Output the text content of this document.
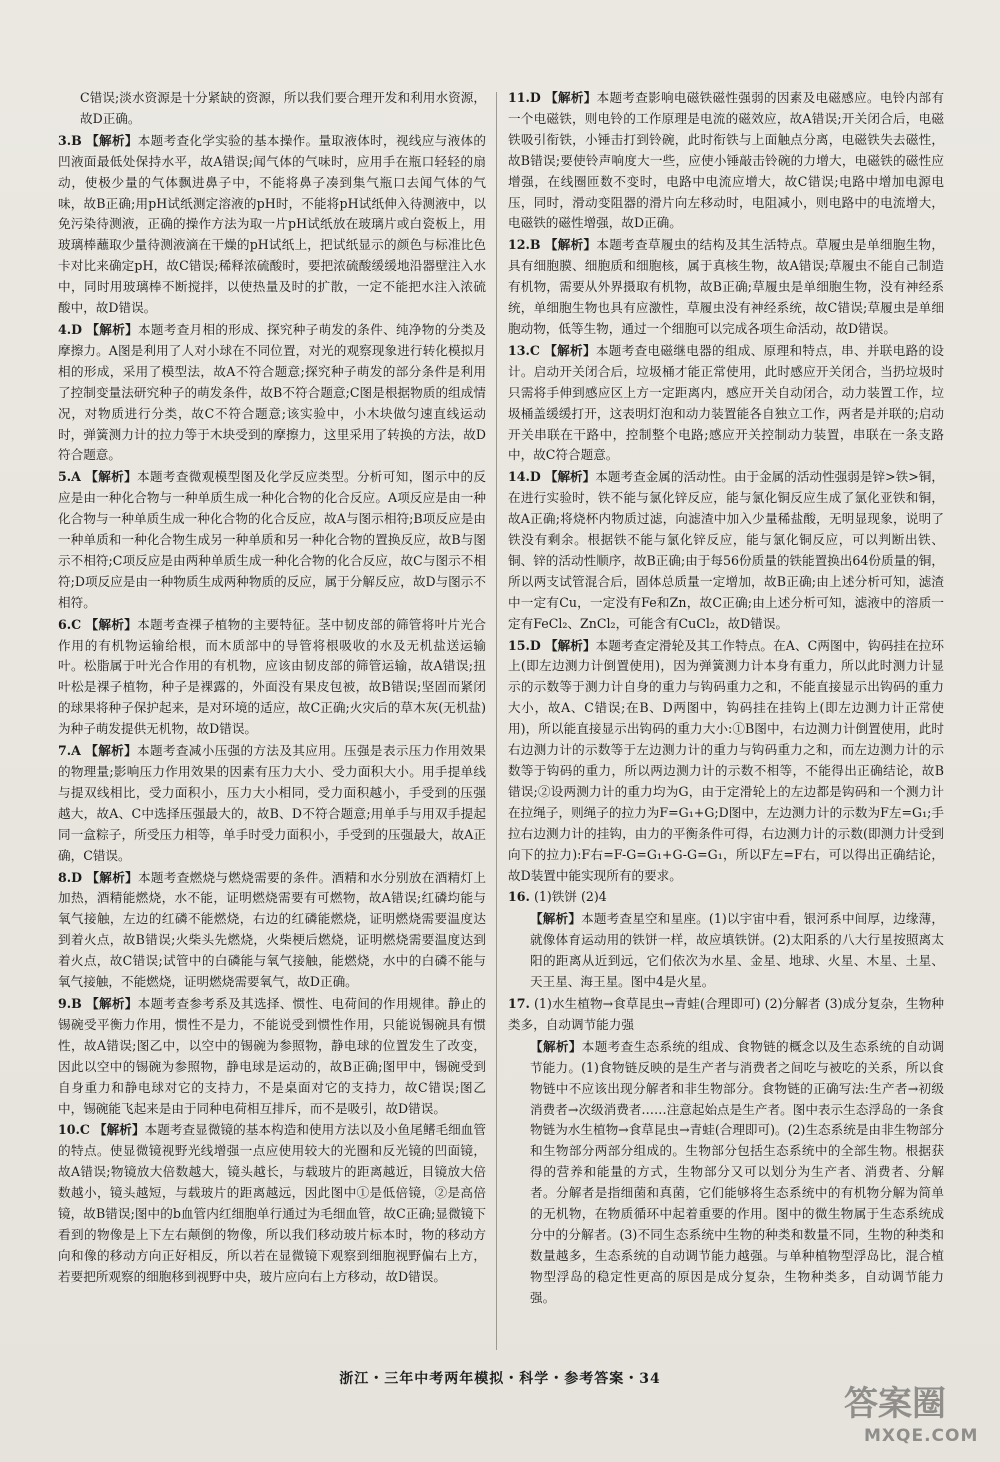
C错误;淡水资源是十分紧缺的资源，所以我们要合理开发和利用水资源，故D正确。
3.B 【解析】本题考查化学实验的基本操作。量取液体时，视线应与液体的凹液面最低处保持水平，故A错误;闻气体的气味时，应用手在瓶口轻轻的扇动，使极少量的气体飘进鼻子中，不能将鼻子凑到集气瓶口去闻气体的气味，故B正确;用pH试纸测定溶液的pH时，不能将pH试纸伸入待测液中，以免污染待测液，正确的操作方法为取一片pH试纸放在玻璃片或白瓷板上，用玻璃棒蘸取少量待测液滴在干燥的pH试纸上，把试纸显示的颜色与标准比色卡对比来确定pH，故C错误;稀释浓硫酸时，要把浓硫酸缓缓地沿器壁注入水中，同时用玻璃棒不断搅拌，以使热量及时的扩散，一定不能把水注入浓硫酸中，故D错误。
4.D 【解析】本题考查月相的形成、探究种子萌发的条件、纯净物的分类及摩擦力。A图是利用了人对小球在不同位置，对光的观察现象进行转化模拟月相的形成，采用了模型法，故A不符合题意;探究种子萌发的部分条件是利用了控制变量法研究种子的萌发条件，故B不符合题意;C图是根据物质的组成情况，对物质进行分类，故C不符合题意;该实验中，小木块做匀速直线运动时，弹簧测力计的拉力等于木块受到的摩擦力，这里采用了转换的方法，故D符合题意。
5.A 【解析】本题考查微观模型图及化学反应类型。分析可知，图示中的反应是由一种化合物与一种单质生成一种化合物的化合反应。A项反应是由一种化合物与一种单质生成一种化合物的化合反应，故A与图示相符;B项反应是由一种单质和一种化合物生成另一种单质和另一种化合物的置换反应，故B与图示不相符;C项反应是由两种单质生成一种化合物的化合反应，故C与图示不相符;D项反应是由一种物质生成两种物质的反应，属于分解反应，故D与图示不相符。
6.C 【解析】本题考查裸子植物的主要特征。茎中韧皮部的筛管将叶片光合作用的有机物运输给根，而木质部中的导管将根吸收的水及无机盐送运输叶。松脂属于叶光合作用的有机物，应该由韧皮部的筛管运输，故A错误;扭叶松是裸子植物，种子是裸露的，外面没有果皮包被，故B错误;坚固而紧闭的球果将种子保护起来，是对环境的适应，故C正确;火灾后的草木灰(无机盐)为种子萌发提供无机物，故D错误。
7.A 【解析】本题考查减小压强的方法及其应用。压强是表示压力作用效果的物理量;影响压力作用效果的因素有压力大小、受力面积大小。用手提单线与提双线相比，受力面积小，压力大小相同，受力面积越小，手受到的压强越大，故A、C中选择压强最大的，故B、D不符合题意;用单手与用双手提起同一盒粽子，所受压力相等，单手时受力面积小，手受到的压强最大，故A正确，C错误。
8.D 【解析】本题考查燃烧与燃烧需要的条件。酒精和水分别放在酒精灯上加热，酒精能燃烧，水不能，证明燃烧需要有可燃物，故A错误;红磷均能与氧气接触，左边的红磷不能燃烧，右边的红磷能燃烧，证明燃烧需要温度达到着火点，故B错误;火柴头先燃烧，火柴梗后燃烧，证明燃烧需要温度达到着火点，故C错误;试管中的白磷能与氧气接触，能燃烧，水中的白磷不能与氧气接触，不能燃烧，证明燃烧需要氧气，故D正确。
9.B 【解析】本题考查参考系及其选择、惯性、电荷间的作用规律。静止的锡碗受平衡力作用，惯性不是力，不能说受到惯性作用，只能说锡碗具有惯性，故A错误;图乙中，以空中的锡碗为参照物，静电球的位置发生了改变，因此以空中的锡碗为参照物，静电球是运动的，故B正确;图甲中，锡碗受到自身重力和静电球对它的支持力，不是桌面对它的支持力，故C错误;图乙中，锡碗能飞起来是由于同种电荷相互排斥，而不是吸引，故D错误。
10.C 【解析】本题考查显微镜的基本构造和使用方法以及小鱼尾鳍毛细血管的特点。使显微镜视野光线增强一点应使用较大的光圈和反光镜的凹面镜，故A错误;物镜放大倍数越大，镜头越长，与载玻片的距离越近，目镜放大倍数越小，镜头越短，与载玻片的距离越远，因此图中①是低倍镜，②是高倍镜，故B错误;图中的b血管内红细胞单行通过为毛细血管，故C正确;显微镜下看到的物像是上下左右颠倒的物像，所以我们移动玻片标本时，物的移动方向和像的移动方向正好相反，所以若在显微镜下观察到细胞视野偏右上方，若要把所观察的细胞移到视野中央，玻片应向右上方移动，故D错误。
11.D 【解析】本题考查影响电磁铁磁性强弱的因素及电磁感应。电铃内部有一个电磁铁，则电铃的工作原理是电流的磁效应，故A错误;开关闭合后，电磁铁吸引衔铁，小锤击打到铃碗，此时衔铁与上面触点分离，电磁铁失去磁性，故B错误;要使铃声响度大一些，应使小锤敲击铃碗的力增大，电磁铁的磁性应增强，在线圈匝数不变时，电路中电流应增大，故C错误;电路中增加电源电压，同时，滑动变阻器的滑片向左移动时，电阻减小，则电路中的电流增大，电磁铁的磁性增强，故D正确。
12.B 【解析】本题考查草履虫的结构及其生活特点。草履虫是单细胞生物，具有细胞膜、细胞质和细胞核，属于真核生物，故A错误;草履虫不能自己制造有机物，需要从外界摄取有机物，故B正确;草履虫是单细胞生物，没有神经系统，单细胞生物也具有应激性，草履虫没有神经系统，故C错误;草履虫是单细胞动物，低等生物，通过一个细胞可以完成各项生命活动，故D错误。
13.C 【解析】本题考查电磁继电器的组成、原理和特点，串、并联电路的设计。启动开关闭合后，垃圾桶才能正常使用，此时感应开关闭合，当扔垃圾时只需将手伸到感应区上方一定距离内，感应开关自动闭合，动力装置工作，垃圾桶盖缓缓打开，这表明灯泡和动力装置能各自独立工作，两者是并联的;启动开关串联在干路中，控制整个电路;感应开关控制动力装置，串联在一条支路中，故C符合题意。
14.D 【解析】本题考查金属的活动性。由于金属的活动性强弱是锌>铁>铜，在进行实验时，铁不能与氯化锌反应，能与氯化铜反应生成了氯化亚铁和铜，故A正确;将烧杯内物质过滤，向滤渣中加入少量稀盐酸，无明显现象，说明了铁没有剩余。根据铁不能与氯化锌反应，能与氯化铜反应，可以判断出铁、铜、锌的活动性顺序，故B正确;由于每56份质量的铁能置换出64份质量的铜，所以两支试管混合后，固体总质量一定增加，故B正确;由上述分析可知，滤渣中一定有Cu，一定没有Fe和Zn，故C正确;由上述分析可知，滤液中的溶质一定有FeCl₂、ZnCl₂，可能含有CuCl₂，故D错误。
15.D 【解析】本题考查定滑轮及其工作特点。在A、C两图中，钩码挂在拉环上(即左边测力计倒置使用)，因为弹簧测力计本身有重力，所以此时测力计显示的示数等于测力计自身的重力与钩码重力之和，不能直接显示出钩码的重力大小，故A、C错误;在B、D两图中，钩码挂在挂钩上(即左边测力计正常使用)，所以能直接显示出钩码的重力大小:①B图中，右边测力计倒置使用，此时右边测力计的示数等于左边测力计的重力与钩码重力之和，而左边测力计的示数等于钩码的重力，所以两边测力计的示数不相等，不能得出正确结论，故B错误;②设两测力计的重力均为G，由于定滑轮上的左边都是钩码和一个测力计在拉绳子，则绳子的拉力为F=G₁+G;D图中，左边测力计的示数为F左=G₁;手拉右边测力计的挂钩，由力的平衡条件可得，右边测力计的示数(即测力计受到向下的拉力):F右=F-G=G₁+G-G=G₁，所以F左=F右，可以得出正确结论，故D装置中能实现所有的要求。
16. (1)铁饼 (2)4
【解析】本题考查星空和星座。(1)以宇宙中看，银河系中间厚，边缘薄，就像体育运动用的铁饼一样，故应填铁饼。(2)太阳系的八大行星按照离太阳的距离从近到远，它们依次为水星、金星、地球、火星、木星、土星、天王星、海王星。图中4是火星。
17. (1)水生植物→食草昆虫→青蛙(合理即可) (2)分解者 (3)成分复杂，生物种类多，自动调节能力强
【解析】本题考查生态系统的组成、食物链的概念以及生态系统的自动调节能力。(1)食物链反映的是生产者与消费者之间吃与被吃的关系，所以食物链中不应该出现分解者和非生物部分。食物链的正确写法:生产者→初级消费者→次级消费者……注意起始点是生产者。图中表示生态浮岛的一条食物链为水生植物→食草昆虫→青蛙(合理即可)。(2)生态系统是由非生物部分和生物部分两部分组成的。生物部分包括生态系统中的全部生物。根据获得的营养和能量的方式，生物部分又可以划分为生产者、消费者、分解者。分解者是指细菌和真菌，它们能够将生态系统中的有机物分解为简单的无机物，在物质循环中起着重要的作用。图中的微生物属于生态系统成分中的分解者。(3)不同生态系统中生物的种类和数量不同，生物的种类和数量越多，生态系统的自动调节能力越强。与单种植物型浮岛比，混合植物型浮岛的稳定性更高的原因是成分复杂，生物种类多，自动调节能力强。
浙江・三年中考两年模拟・科学・参考答案・34
答案圈
MXQE.COM
